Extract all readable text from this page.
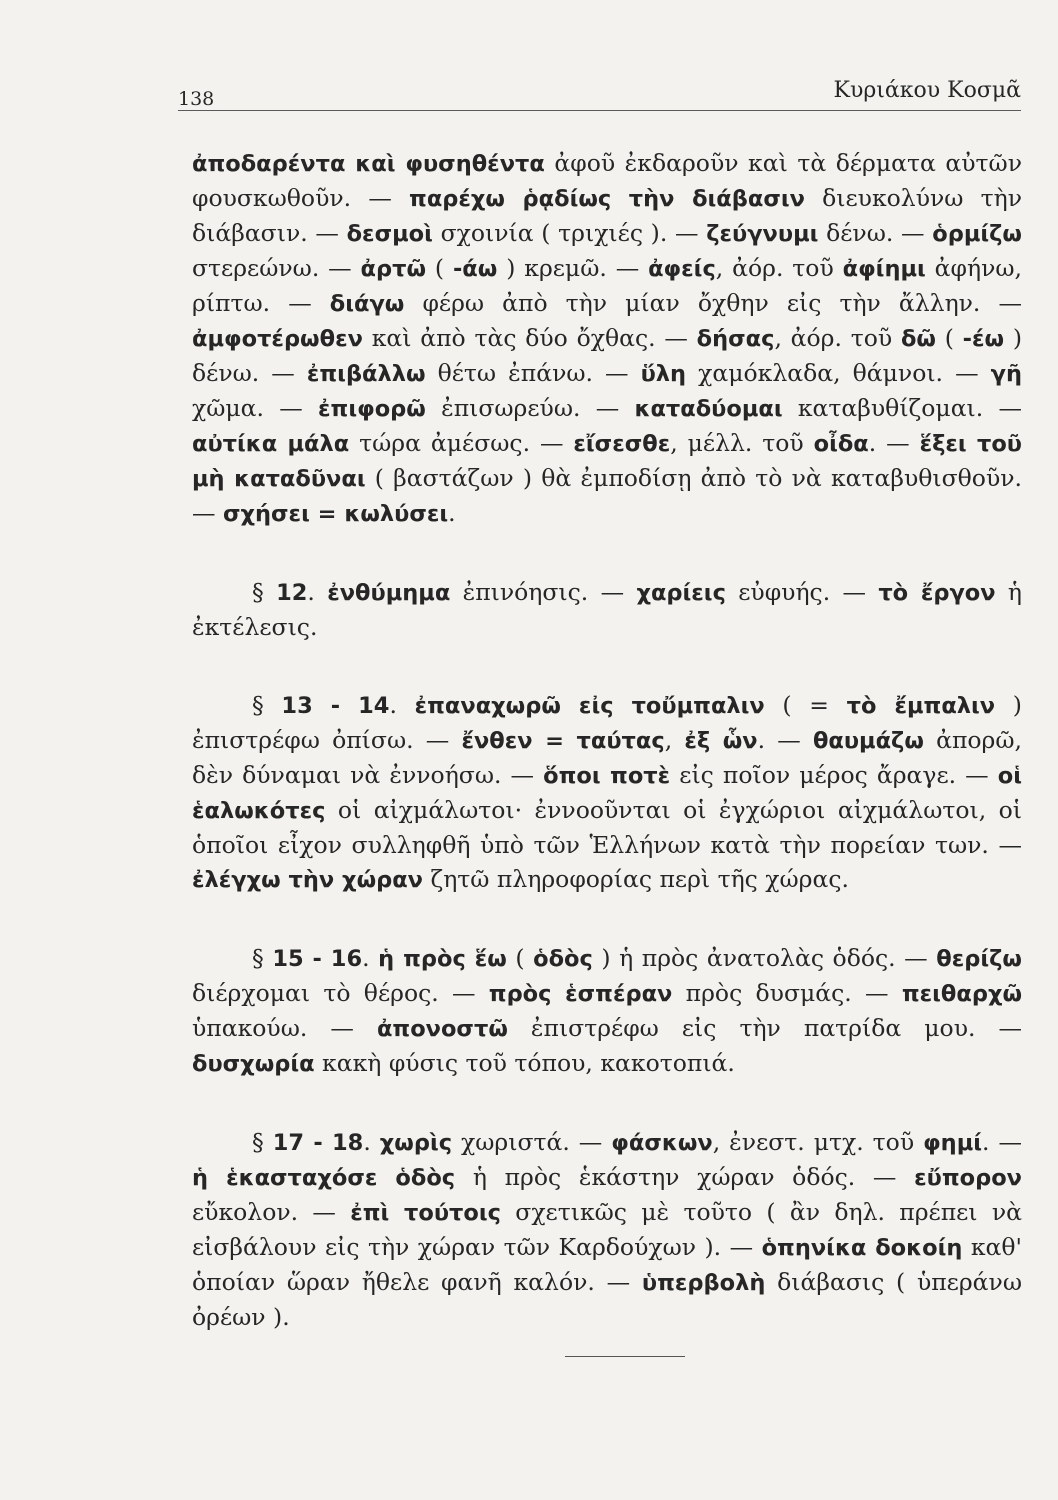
138	Κυριάκου Κοσμᾶ

ἀποδαρέντα καὶ φυσηθέντα ἀφοῦ ἐκδαροῦν καὶ τὰ δέρματα αὐτῶν φουσκωθοῦν. — παρέχω ῥᾳδίως τὴν διάβασιν διευκολύνω τὴν διάβασιν. — δεσμοὶ σχοινία ( τριχιές ). — ζεύγνυμι δένω. — ὁρμίζω στερεώνω. — ἀρτῶ ( -άω ) κρεμῶ. — ἀφείς, ἀόρ. τοῦ ἀφίημι ἀφήνω, ρίπτω. — διάγω φέρω ἀπὸ τὴν μίαν ὄχθην εἰς τὴν ἄλλην. — ἀμφοτέρωθεν καὶ ἀπὸ τὰς δύο ὄχθας. — δήσας, ἀόρ. τοῦ δῶ ( -έω ) δένω. — ἐπιβάλλω θέτω ἐπάνω. — ὕλη χαμόκλαδα, θάμνοι. — γῆ χῶμα. — ἐπιφορῶ ἐπισωρεύω. — καταδύομαι καταβυθίζομαι. — αὐτίκα μάλα τώρα ἀμέσως. — εἴσεσθε, μέλλ. τοῦ οἶδα. — ἕξει τοῦ μὴ καταδῦναι ( βαστάζων ) θὰ ἐμποδίσῃ ἀπὸ τὸ νὰ καταβυθισθοῦν. — σχήσει = κωλύσει.

§ 12. ἐνθύμημα ἐπινόησις. — χαρίεις εὐφυής. — τὸ ἔργον ἡ ἐκτέλεσις.

§ 13 - 14. ἐπαναχωρῶ εἰς τοὔμπαλιν ( = τὸ ἔμπαλιν ) ἐπιστρέφω ὀπίσω. — ἔνθεν = ταύτας, ἐξ ὧν. — θαυμάζω ἀπορῶ, δὲν δύναμαι νὰ ἐννοήσω. — ὅποι ποτὲ εἰς ποῖον μέρος ἄραγε. — οἱ ἑαλωκότες οἱ αἰχμάλωτοι· ἐννοοῦνται οἱ ἐγχώριοι αἰχμάλωτοι, οἱ ὁποῖοι εἶχον συλληφθῆ ὑπὸ τῶν Ἑλλήνων κατὰ τὴν πορείαν των. — ἐλέγχω τὴν χώραν ζητῶ πληροφορίας περὶ τῆς χώρας.

§ 15 - 16. ἡ πρὸς ἕω ( ὁδὸς ) ἡ πρὸς ἀνατολὰς ὁδός. — θερίζω διέρχομαι τὸ θέρος. — πρὸς ἑσπέραν πρὸς δυσμάς. — πειθαρχῶ ὑπακούω. — ἀπονοστῶ ἐπιστρέφω εἰς τὴν πατρίδα μου. — δυσχωρία κακὴ φύσις τοῦ τόπου, κακοτοπιά.

§ 17 - 18. χωρὶς χωριστά. — φάσκων, ἐνεστ. μτχ. τοῦ φημί. — ἡ ἑκασταχόσε ὁδὸς ἡ πρὸς ἑκάστην χώραν ὁδός. — εὔπορον εὔκολον. — ἐπὶ τούτοις σχετικῶς μὲ τοῦτο ( ἂν δηλ. πρέπει νὰ εἰσβάλουν εἰς τὴν χώραν τῶν Καρδούχων ). — ὁπηνίκα δοκοίη καθ' ὁποίαν ὥραν ἤθελε φανῆ καλόν. — ὑπερβολὴ διάβασις ( ὑπεράνω ὀρέων ).
